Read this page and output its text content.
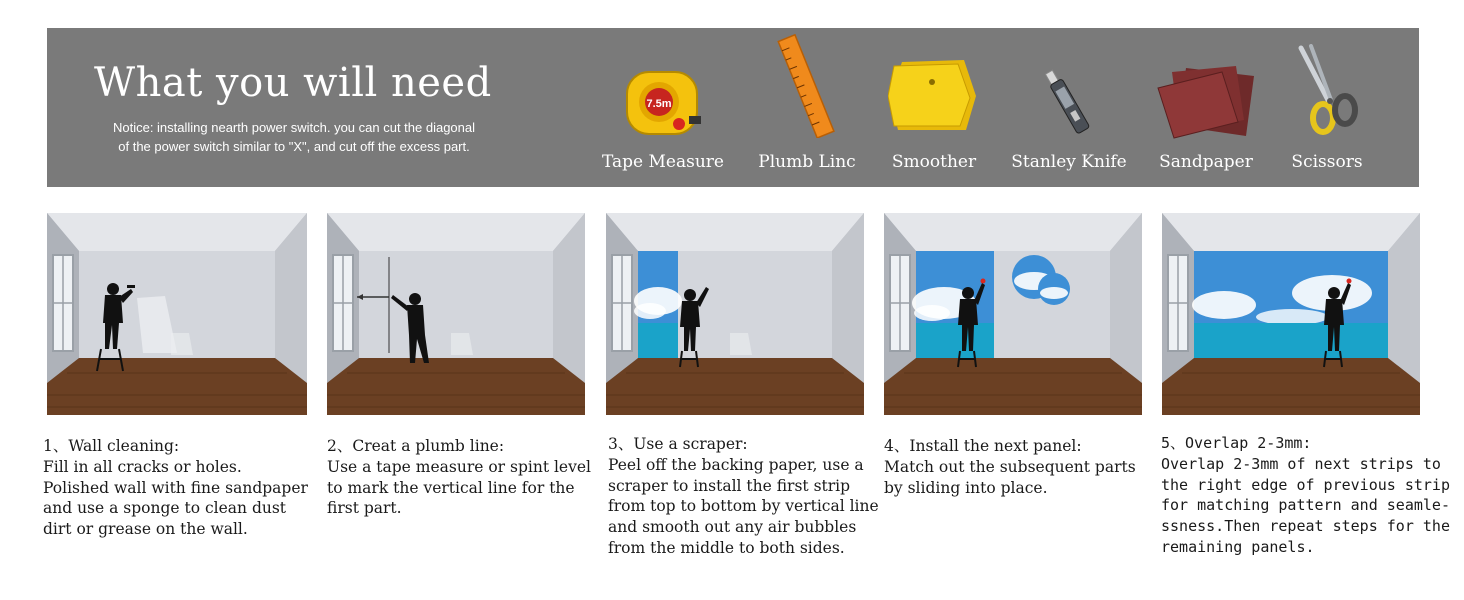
What you will need
Notice: installing nearth power switch. you can cut the diagonal
of the power switch similar to "X", and cut off the excess part.
7.5m
Tape Measure Plumb Linc Smoother Stanley Knife Sandpaper Scissors
1、Wall cleaning:
Fill in all cracks or holes.
Polished wall with fine sandpaper
and use a sponge to clean dust
dirt or grease on the wall.
2、Creat a plumb line:
Use a tape measure or spint level
to mark the vertical line for the
first part.
3、Use a scraper:
Peel off the backing paper, use a
scraper to install the first strip
from top to bottom by vertical line
and smooth out any air bubbles
from the middle to both sides.
4、Install the next panel:
Match out the subsequent parts
by sliding into place.
5、Overlap 2-3mm:
Overlap 2-3mm of next strips to
the right edge of previous strip
for matching pattern and seamle-
ssness.Then repeat steps for the
remaining panels.
